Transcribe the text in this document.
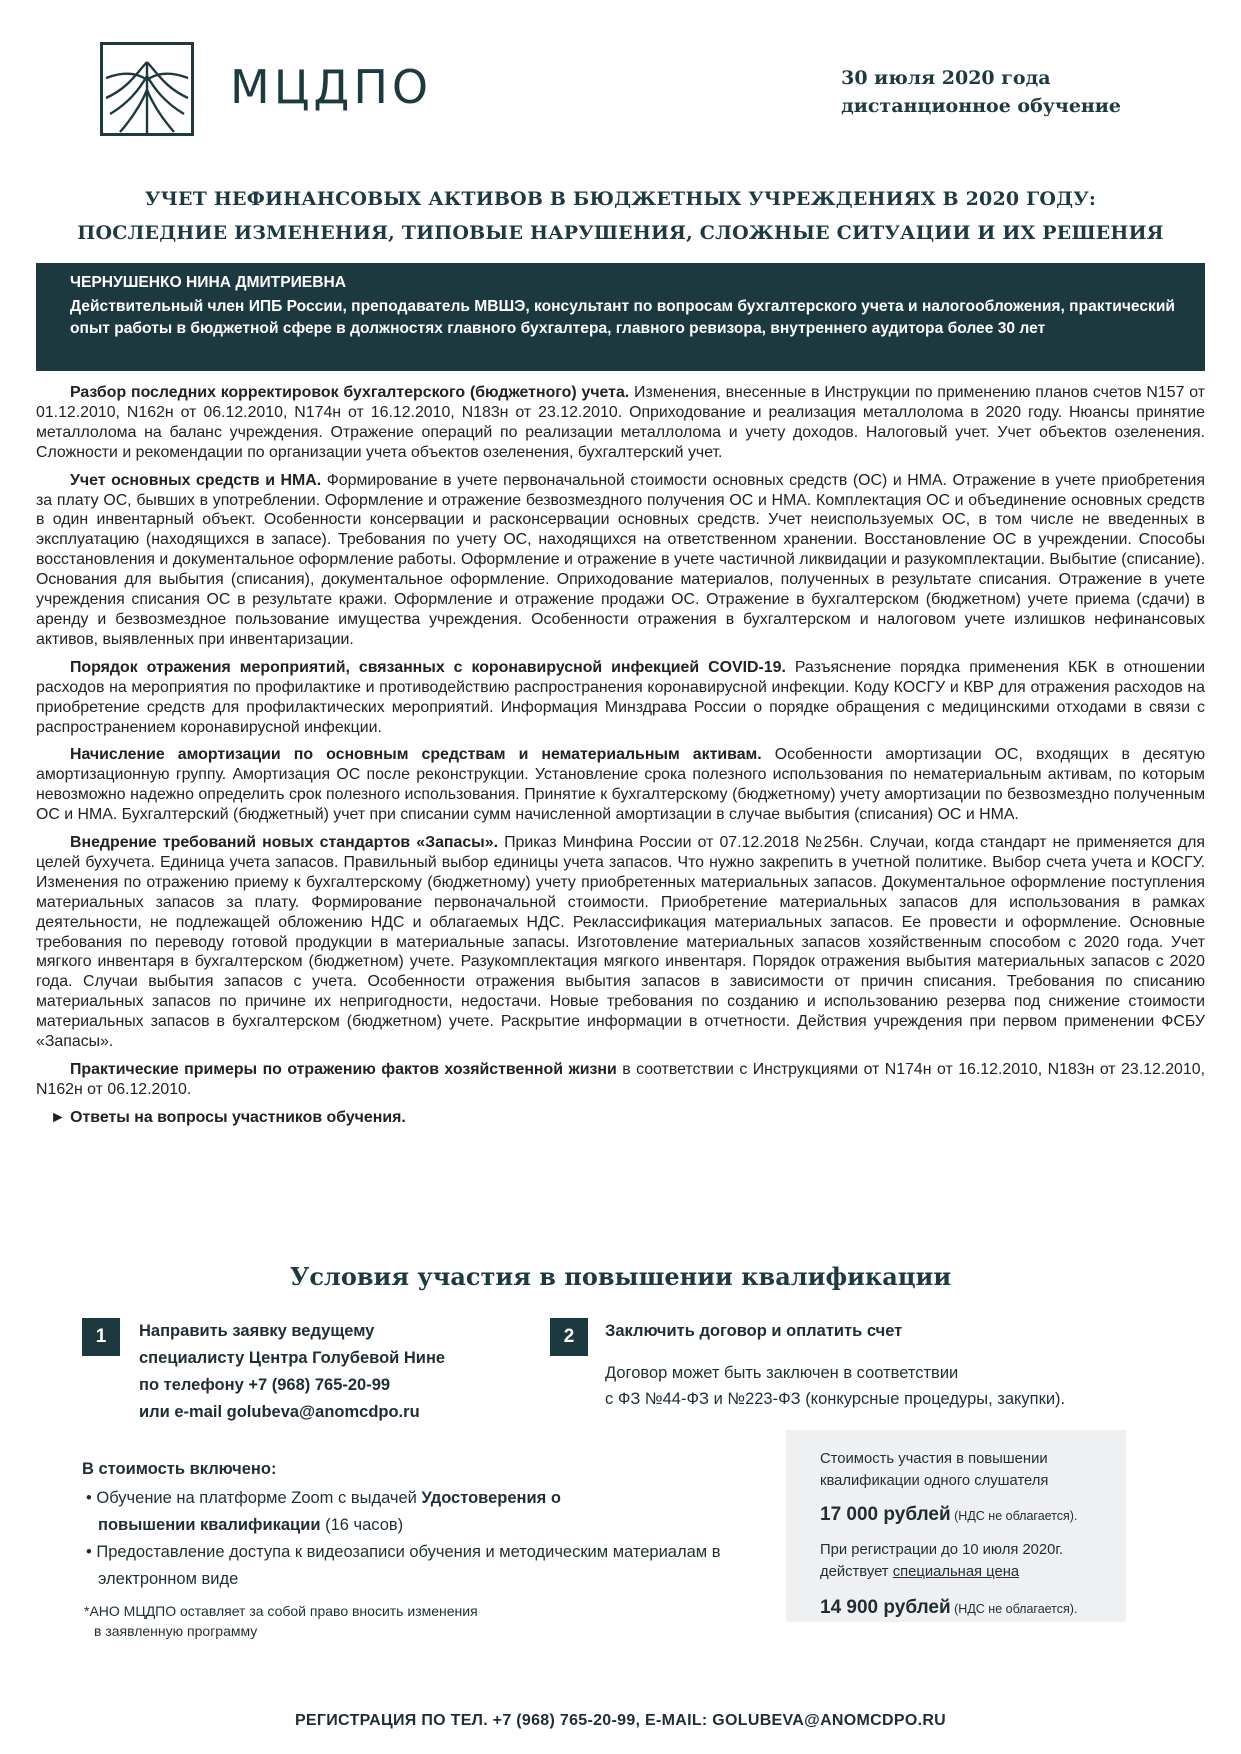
МЦДПО	30 июля 2020 года
дистанционное обучение
УЧЕТ НЕФИНАНСОВЫХ АКТИВОВ В БЮДЖЕТНЫХ УЧРЕЖДЕНИЯХ В 2020 ГОДУ:
ПОСЛЕДНИЕ ИЗМЕНЕНИЯ, ТИПОВЫЕ НАРУШЕНИЯ, СЛОЖНЫЕ СИТУАЦИИ И ИХ РЕШЕНИЯ
ЧЕРНУШЕНКО НИНА ДМИТРИЕВНА
Действительный член ИПБ России, преподаватель МВШЭ, консультант по вопросам бухгалтерского учета и налогообложения, практический опыт работы в бюджетной сфере в должностях главного бухгалтера, главного ревизора, внутреннего аудитора более 30 лет

Разбор последних корректировок бухгалтерского (бюджетного) учета. Изменения, внесенные в Инструкции по применению планов счетов N157 от 01.12.2010, N162н от 06.12.2010, N174н от 16.12.2010, N183н от 23.12.2010. Оприходование и реализация металлолома в 2020 году. Нюансы принятие металлолома на баланс учреждения. Отражение операций по реализации металлолома и учету доходов. Налоговый учет. Учет объектов озеленения. Сложности и рекомендации по организации учета объектов озеленения, бухгалтерский учет.

Учет основных средств и НМА. Формирование в учете первоначальной стоимости основных средств (ОС) и НМА. Отражение в учете приобретения за плату ОС, бывших в употреблении. Оформление и отражение безвозмездного получения ОС и НМА. Комплектация ОС и объединение основных средств в один инвентарный объект. Особенности консервации и расконсервации основных средств. Учет неиспользуемых ОС, в том числе не введенных в эксплуатацию (находящихся в запасе). Требования по учету ОС, находящихся на ответственном хранении. Восстановление ОС в учреждении. Способы восстановления и документальное оформление работы. Оформление и отражение в учете частичной ликвидации и разукомплектации. Выбытие (списание). Основания для выбытия (списания), документальное оформление. Оприходование материалов, полученных в результате списания. Отражение в учете учреждения списания ОС в результате кражи. Оформление и отражение продажи ОС. Отражение в бухгалтерском (бюджетном) учете приема (сдачи) в аренду и безвозмездное пользование имущества учреждения. Особенности отражения в бухгалтерском и налоговом учете излишков нефинансовых активов, выявленных при инвентаризации.

Порядок отражения мероприятий, связанных с коронавирусной инфекцией COVID-19. Разъяснение порядка применения КБК в отношении расходов на мероприятия по профилактике и противодействию распространения коронавирусной инфекции. Коду КОСГУ и КВР для отражения расходов на приобретение средств для профилактических мероприятий. Информация Минздрава России о порядке обращения с медицинскими отходами в связи с распространением коронавирусной инфекции.

Начисление амортизации по основным средствам и нематериальным активам. Особенности амортизации ОС, входящих в десятую амортизационную группу. Амортизация ОС после реконструкции. Установление срока полезного использования по нематериальным активам, по которым невозможно надежно определить срок полезного использования. Принятие к бухгалтерскому (бюджетному) учету амортизации по безвозмездно полученным ОС и НМА. Бухгалтерский (бюджетный) учет при списании сумм начисленной амортизации в случае выбытия (списания) ОС и НМА.

Внедрение требований новых стандартов «Запасы». Приказ Минфина России от 07.12.2018 №256н. Случаи, когда стандарт не применяется для целей бухучета. Единица учета запасов. Правильный выбор единицы учета запасов. Что нужно закрепить в учетной политике. Выбор счета учета и КОСГУ. Изменения по отражению приему к бухгалтерскому (бюджетному) учету приобретенных материальных запасов. Документальное оформление поступления материальных запасов за плату. Формирование первоначальной стоимости. Приобретение материальных запасов для использования в рамках деятельности, не подлежащей обложению НДС и облагаемых НДС. Реклассификация материальных запасов. Ее провести и оформление. Основные требования по переводу готовой продукции в материальные запасы. Изготовление материальных запасов хозяйственным способом с 2020 года. Учет мягкого инвентаря в бухгалтерском (бюджетном) учете. Разукомплектация мягкого инвентаря. Порядок отражения выбытия материальных запасов с 2020 года. Случаи выбытия запасов с учета. Особенности отражения выбытия запасов в зависимости от причин списания. Требования по списанию материальных запасов по причине их непригодности, недостачи. Новые требования по созданию и использованию резерва под снижение стоимости материальных запасов в бухгалтерском (бюджетном) учете. Раскрытие информации в отчетности. Действия учреждения при первом применении ФСБУ «Запасы».

Практические примеры по отражению фактов хозяйственной жизни в соответствии с Инструкциями от N174н от 16.12.2010, N183н от 23.12.2010, N162н от 06.12.2010.

► Ответы на вопросы участников обучения.
Условия участия в повышении квалификации
1	Направить заявку ведущему
специалисту Центра Голубевой Нине
по телефону +7 (968) 765-20-99
или e-mail golubeva@anomcdpo.ru
2	Заключить договор и оплатить счет
Договор может быть заключен в соответствии
с ФЗ №44-ФЗ и №223-ФЗ (конкурсные процедуры, закупки).
В стоимость включено:
• Обучение на платформе Zoom с выдачей Удостоверения о повышении квалификации (16 часов)
• Предоставление доступа к видеозаписи обучения и методическим материалам в электронном виде
*АНО МЦДПО оставляет за собой право вносить изменения
в заявленную программу
Стоимость участия в повышении
квалификации одного слушателя
17 000 рублей (НДС не облагается).
При регистрации до 10 июля 2020г.
действует специальная цена
14 900 рублей (НДС не облагается).
РЕГИСТРАЦИЯ ПО ТЕЛ. +7 (968) 765-20-99, E-MAIL: GOLUBEVA@ANOMCDPO.RU
